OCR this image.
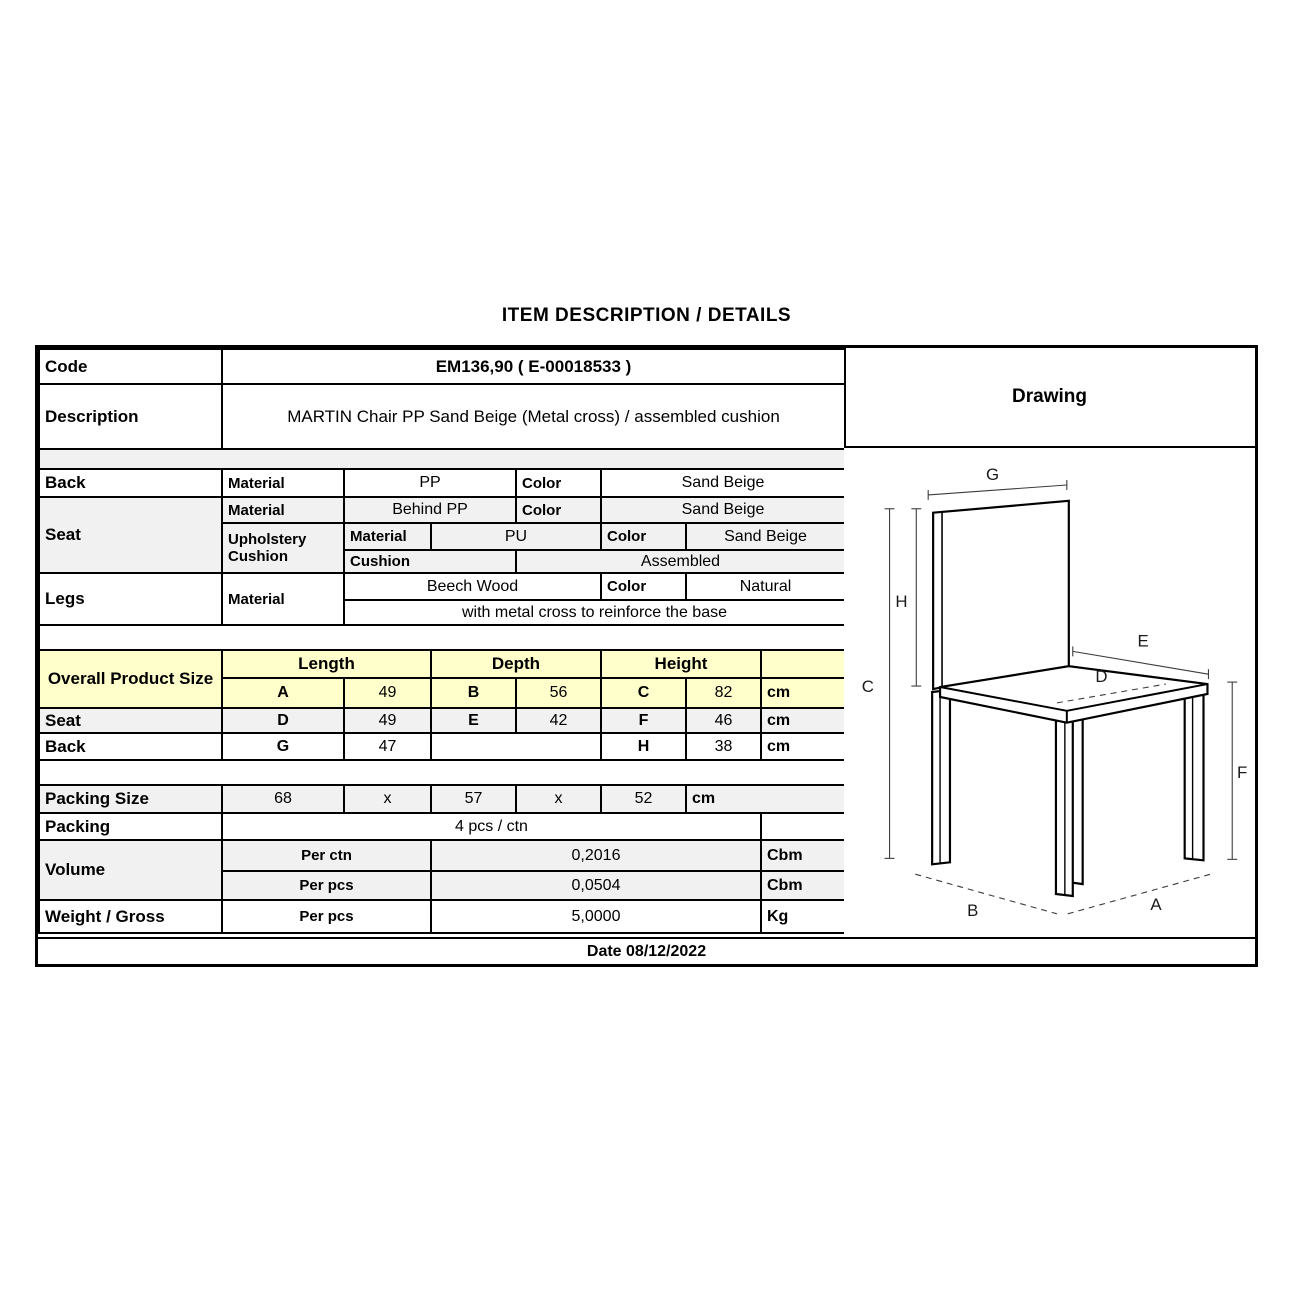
ITEM DESCRIPTION / DETAILS
Code	EM136,90 ( E-00018533 )						
Description	MARTIN Chair PP Sand Beige (Metal cross) / assembled cushion						

Back	Material	PP		Color	Sand Beige		
Seat	Material	Behind PP		Color	Sand Beige		
	Upholstery Cushion	Material	PU		Color	Sand Beige	
		Cushion		Assembled			
Legs	Material	Beech Wood			Color	Natural	
		with metal cross to reinforce the base					

Overall Product Size	Length		Depth		Height		
	A	49	B	56	C	82	cm
Seat	D	49	E	42	F	46	cm
Back	G	47			H	38	cm

Packing Size	68	x	57	x	52	cm	
Packing	4 pcs / ctn						
Volume	Per ctn		0,2016				Cbm
	Per pcs		0,0504				Cbm
Weight / Gross	Per pcs		5,0000				Kg
Drawing
C
H
G
D
E
F
B	A
Date 08/12/2022
